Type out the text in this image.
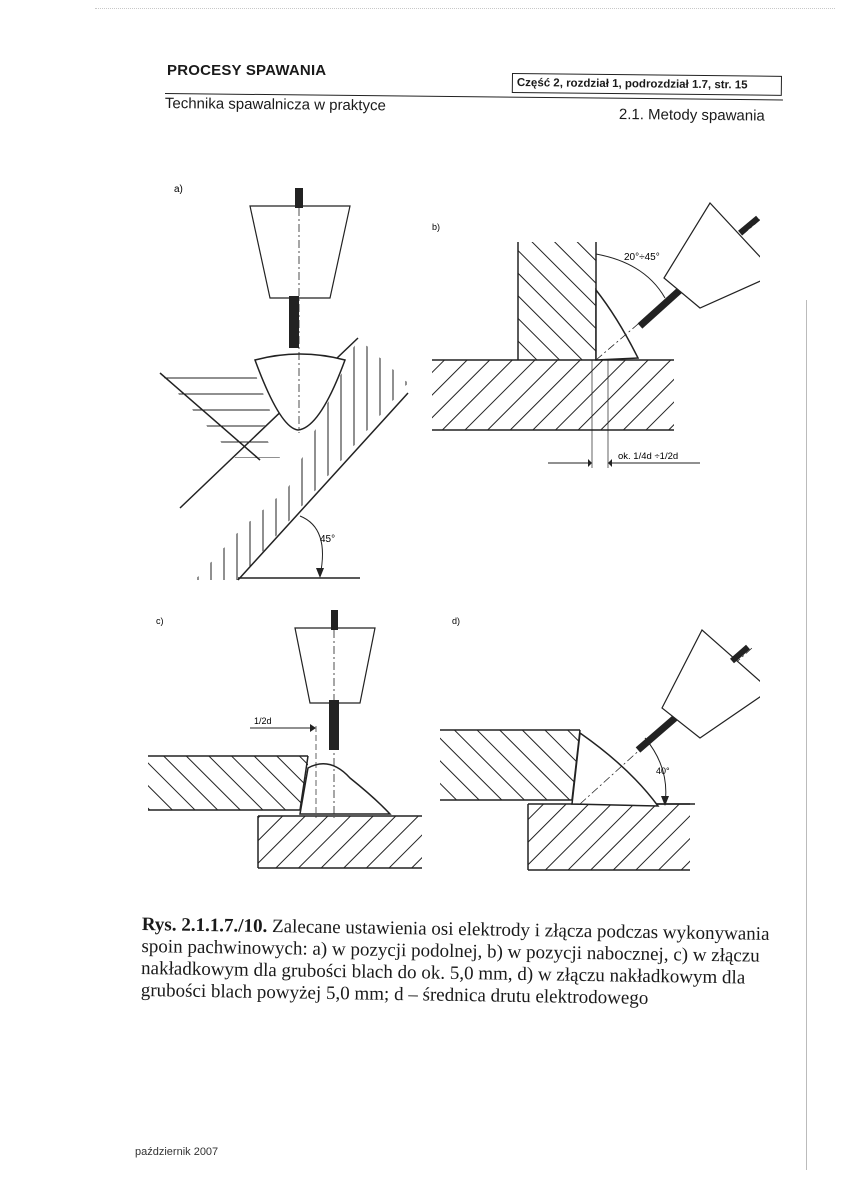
PROCESY SPAWANIA
Część 2, rozdział 1, podrozdział 1.7, str. 15
Technika spawalnicza w praktyce
2.1. Metody spawania
a)
45°
b)
20°÷45°
ok. 1/4d ÷1/2d
c)
1/2d
d)
40°

Rys. 2.1.1.7./10. Zalecane ustawienia osi elektrody i złącza podczas wykonywania spoin pachwinowych: a) w pozycji podolnej, b) w pozycji nabocznej, c) w złączu nakładkowym dla grubości blach do ok. 5,0 mm, d) w złączu nakładkowym dla grubości blach powyżej 5,0 mm; d – średnica drutu elektrodowego

październik 2007
